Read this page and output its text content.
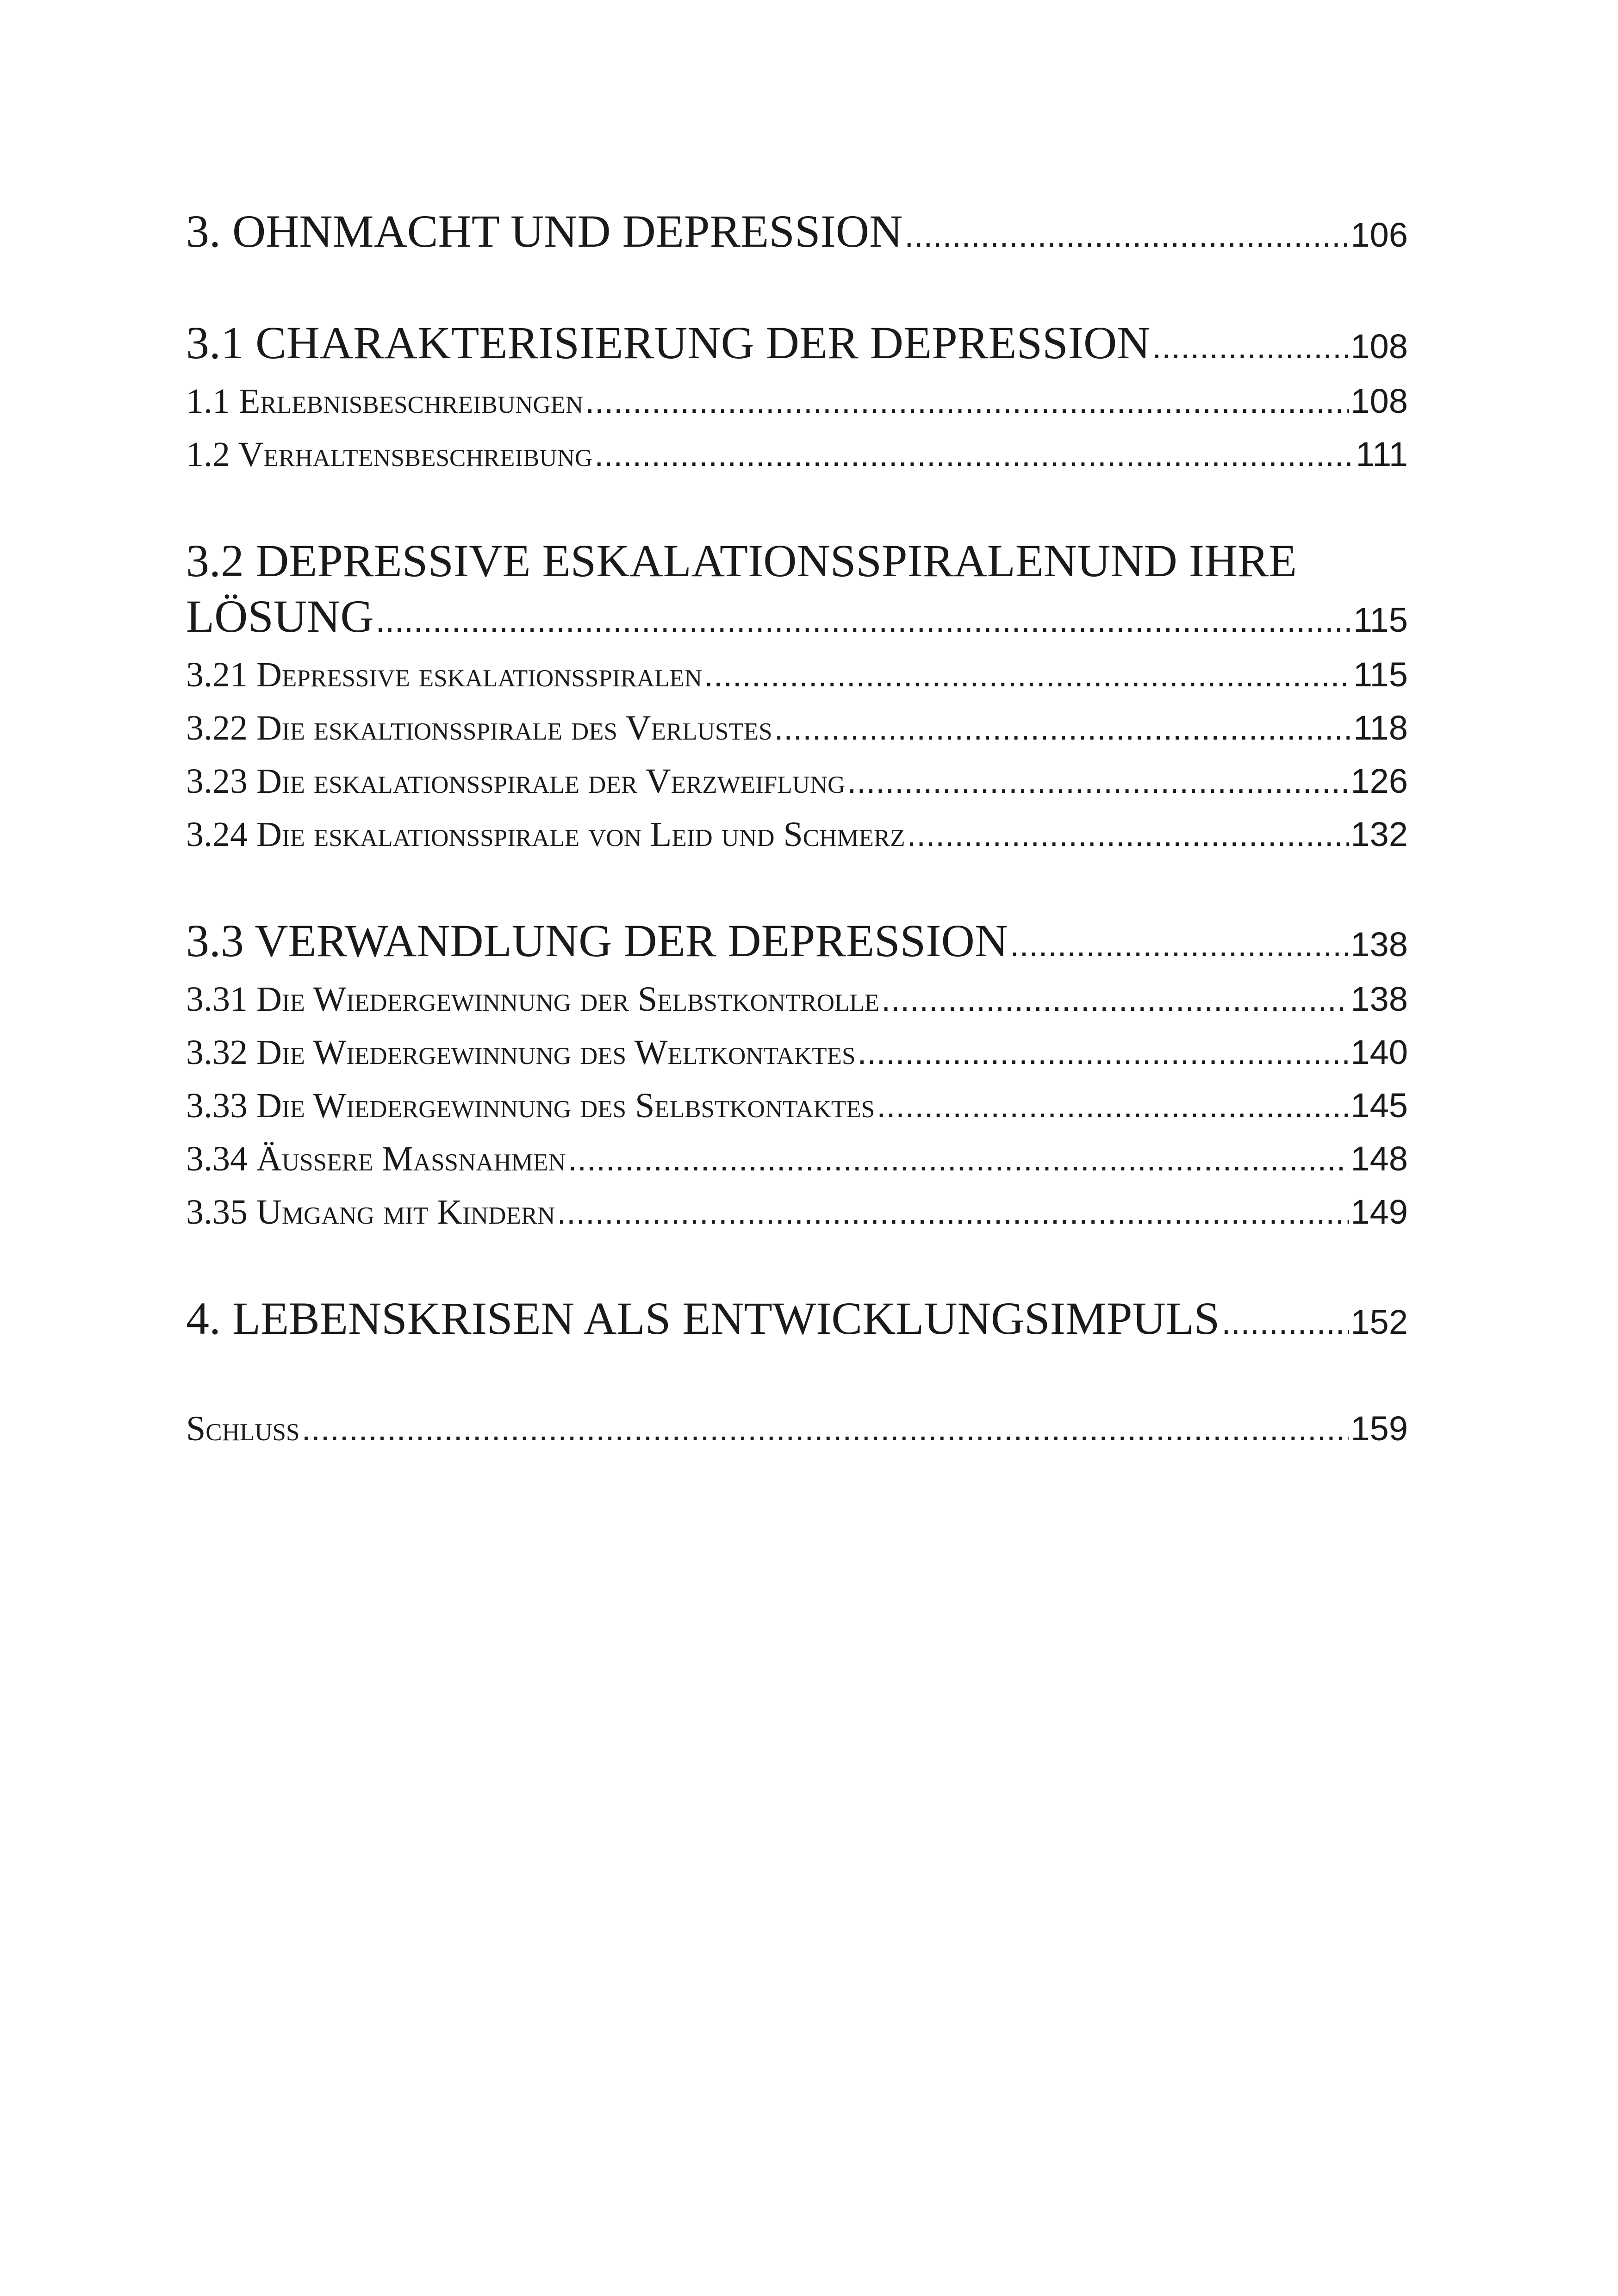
3. OHNMACHT UND DEPRESSION .....	106
3.1 CHARAKTERISIERUNG DER DEPRESSION .....	108
1.1 Erlebnisbeschreibungen .....	108
1.2 Verhaltensbeschreibung .....	111
3.2 DEPRESSIVE ESKALATIONSSPIRALENUND IHRE
LÖSUNG .....	115
3.21 Depressive eskalationsspiralen .....	115
3.22 Die eskaltionsspirale des Verlustes .....	118
3.23 Die eskalationsspirale der Verzweiflung .....	126
3.24 Die eskalationsspirale von Leid und Schmerz .....	132
3.3 VERWANDLUNG DER DEPRESSION .....	138
3.31 Die Wiedergewinnung der Selbstkontrolle .....	138
3.32 Die Wiedergewinnung des Weltkontaktes .....	140
3.33 Die Wiedergewinnung des Selbstkontaktes .....	145
3.34 Äußere Maßnahmen .....	148
3.35 Umgang mit Kindern .....	149
4. LEBENSKRISEN ALS ENTWICKLUNGSIMPULS .....	152
Schluss .....	159
